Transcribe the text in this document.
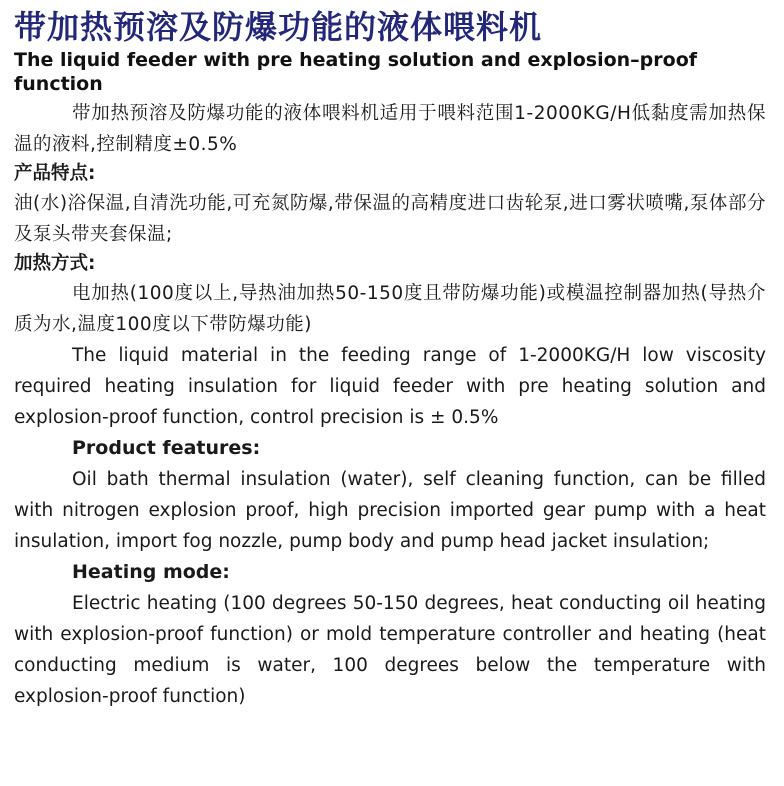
带加热预溶及防爆功能的液体喂料机
The liquid feeder with pre heating solution and explosion–proof function

带加热预溶及防爆功能的液体喂料机适用于喂料范围1-2000KG/H低黏度需加热保温的液料,控制精度±0.5%

产品特点:

油(水)浴保温,自清洗功能,可充氮防爆,带保温的高精度进口齿轮泵,进口雾状喷嘴,泵体部分及泵头带夹套保温;

加热方式:

电加热(100度以上,导热油加热50-150度且带防爆功能)或模温控制器加热(导热介质为水,温度100度以下带防爆功能)

The liquid material in the feeding range of 1-2000KG/H low viscosity required heating insulation for liquid feeder with pre heating solution and explosion-proof function, control precision is ± 0.5%

Product features:

Oil bath thermal insulation (water), self cleaning function, can be filled with nitrogen explosion proof, high precision imported gear pump with a heat insulation, import fog nozzle, pump body and pump head jacket insulation;

Heating mode:

Electric heating (100 degrees 50-150 degrees, heat conducting oil heating with explosion-proof function) or mold temperature controller and heating (heat conducting medium is water, 100 degrees below the temperature with explosion-proof function)
